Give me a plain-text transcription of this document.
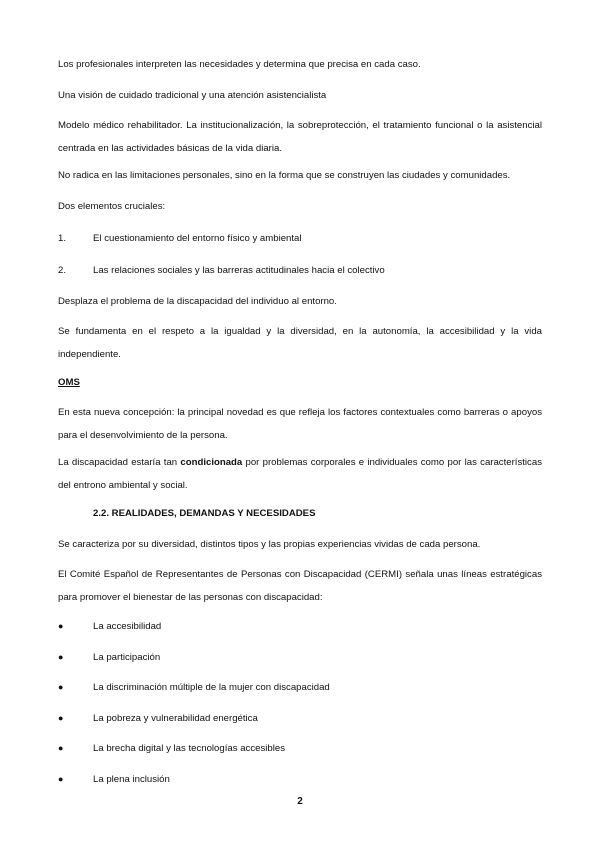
Los profesionales interpreten las necesidades y determina que precisa en cada caso.

Una visión de cuidado tradicional y una atención asistencialista

Modelo médico rehabilitador. La institucionalización, la sobreprotección, el tratamiento funcional o la asistencial centrada en las actividades básicas de la vida diaria.

No radica en las limitaciones personales, sino en la forma que se construyen las ciudades y comunidades.

Dos elementos cruciales:

1.	El cuestionamiento del entorno físico y ambiental

2.	Las relaciones sociales y las barreras actitudinales hacia el colectivo

Desplaza el problema de la discapacidad del individuo al entorno.

Se fundamenta en el respeto a la igualdad y la diversidad, en la autonomía, la accesibilidad y la vida independiente.

OMS

En esta nueva concepción: la principal novedad es que refleja los factores contextuales como barreras o apoyos para el desenvolvimiento de la persona.

La discapacidad estaría tan condicionada por problemas corporales e individuales como por las características del entrono ambiental y social.

2.2. REALIDADES, DEMANDAS Y NECESIDADES

Se caracteriza por su diversidad, distintos tipos y las propias experiencias vividas de cada persona.

El Comité Español de Representantes de Personas con Discapacidad (CERMI) señala unas líneas estratégicas para promover el bienestar de las personas con discapacidad:

●	La accesibilidad

●	La participación

●	La discriminación múltiple de la mujer con discapacidad

●	La pobreza y vulnerabilidad energética

●	La brecha digital y las tecnologías accesibles

●	La plena inclusión

2
